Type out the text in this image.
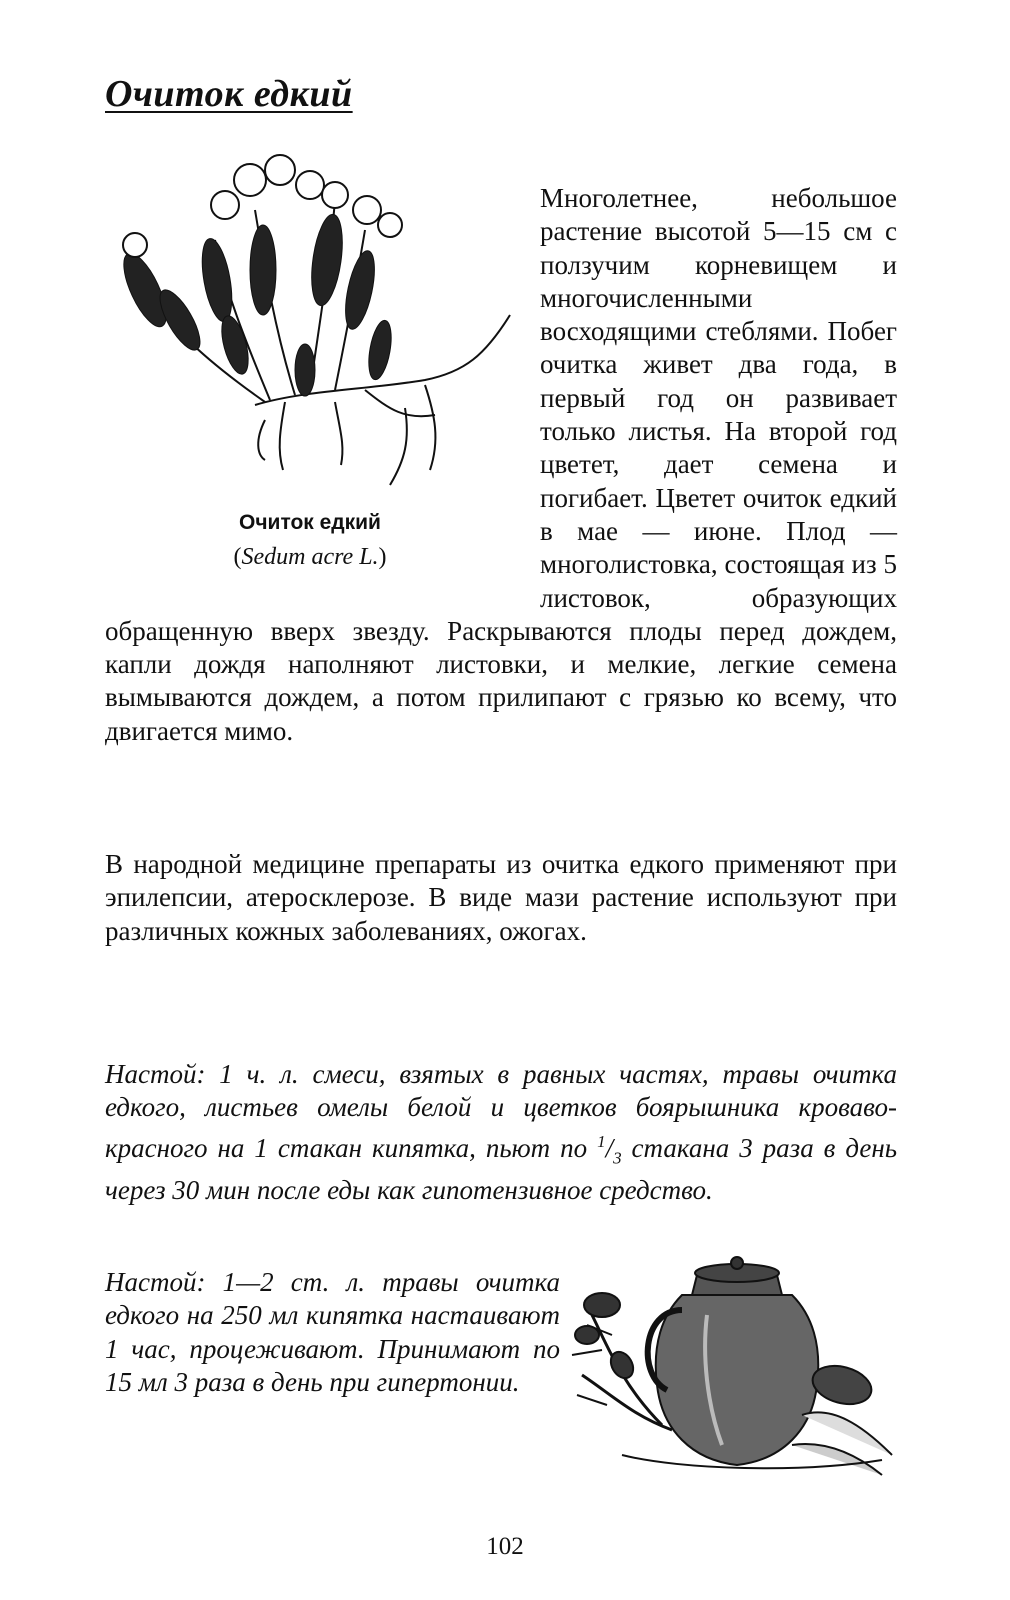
Очиток едкий
Очиток едкий
(Sedum acre L.)

Многолетнее, небольшое растение высотой 5—15 см с ползучим корневищем и многочисленными восходящими стеблями. Побег очитка живет два года, в первый год он развивает только листья. На второй год цветет, дает семена и погибает. Цветет очиток едкий в мае — июне. Плод — многолистовка, состоящая из 5 листовок, образующих обращенную вверх звезду. Раскрываются плоды перед дождем, капли дождя наполняют листовки, и мелкие, легкие семена вымываются дождем, а потом прилипают с грязью ко всему, что двигается мимо.

В народной медицине препараты из очитка едкого применяют при эпилепсии, атеросклерозе. В виде мази растение используют при различных кожных заболеваниях, ожогах.

Настой: 1 ч. л. смеси, взятых в равных частях, травы очитка едкого, листьев омелы белой и цветков боярышника кроваво-красного на 1 стакан кипятка, пьют по $^1/_3$ стакана 3 раза в день через 30 мин после еды как гипотензивное средство.

Настой: 1—2 ст. л. травы очитка едкого на 250 мл кипятка настаивают 1 час, процеживают. Принимают по 15 мл 3 раза в день при гипертонии.

102
